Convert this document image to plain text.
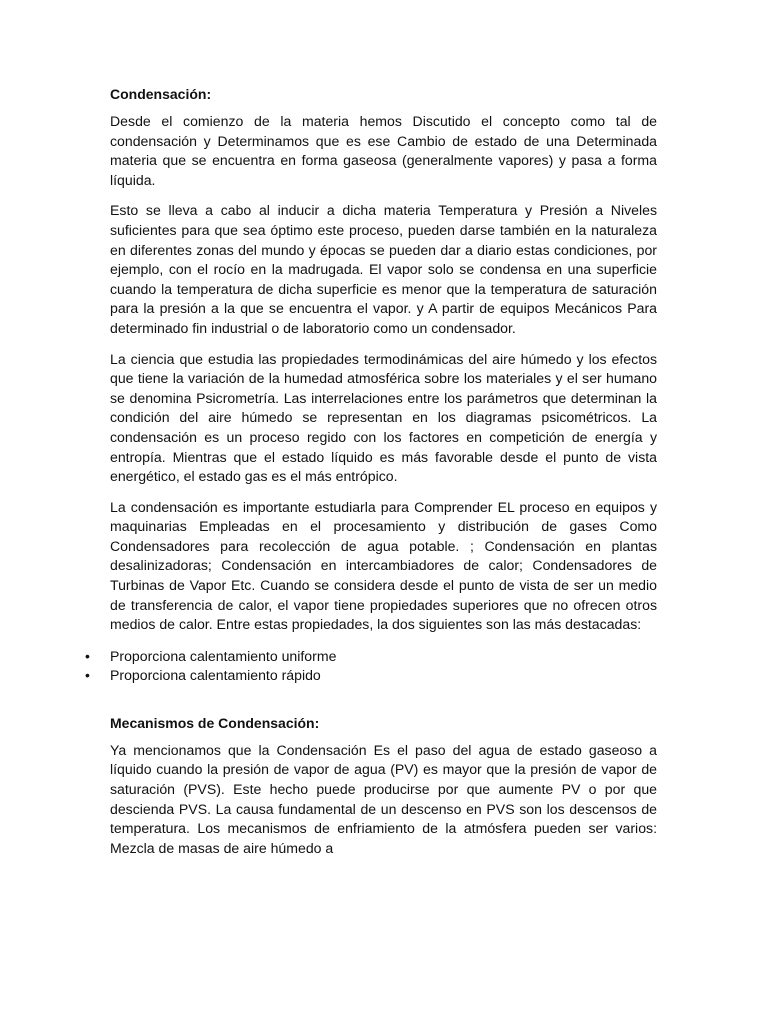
Condensación:

Desde el comienzo de la materia hemos Discutido el concepto como tal de condensación y Determinamos que es ese Cambio de estado de una Determinada materia que se encuentra en forma gaseosa (generalmente vapores) y pasa a forma líquida.

Esto se lleva a cabo al inducir a dicha materia Temperatura y Presión a Niveles suficientes para que sea óptimo este proceso, pueden darse también en la naturaleza en diferentes zonas del mundo y épocas se pueden dar a diario estas condiciones, por ejemplo, con el rocío en la madrugada. El vapor solo se condensa en una superficie cuando la temperatura de dicha superficie es menor que la temperatura de saturación para la presión a la que se encuentra el vapor. y A partir de equipos Mecánicos Para determinado fin industrial o de laboratorio como un condensador.

La ciencia que estudia las propiedades termodinámicas del aire húmedo y los efectos que tiene la variación de la humedad atmosférica sobre los materiales y el ser humano se denomina Psicrometría. Las interrelaciones entre los parámetros que determinan la condición del aire húmedo se representan en los diagramas psicométricos. La condensación es un proceso regido con los factores en competición de energía y entropía. Mientras que el estado líquido es más favorable desde el punto de vista energético, el estado gas es el más entrópico.

La condensación es importante estudiarla para Comprender EL proceso en equipos y maquinarias Empleadas en el procesamiento y distribución de gases Como Condensadores para recolección de agua potable. ; Condensación en plantas desalinizadoras; Condensación en intercambiadores de calor; Condensadores de Turbinas de Vapor Etc. Cuando se considera desde el punto de vista de ser un medio de transferencia de calor, el vapor tiene propiedades superiores que no ofrecen otros medios de calor. Entre estas propiedades, la dos siguientes son las más destacadas:

• Proporciona calentamiento uniforme
• Proporciona calentamiento rápido
Mecanismos de Condensación:

Ya mencionamos que la Condensación Es el paso del agua de estado gaseoso a líquido cuando la presión de vapor de agua (PV) es mayor que la presión de vapor de saturación (PVS). Este hecho puede producirse por que aumente PV o por que descienda PVS. La causa fundamental de un descenso en PVS son los descensos de temperatura. Los mecanismos de enfriamiento de la atmósfera pueden ser varios: Mezcla de masas de aire húmedo a
